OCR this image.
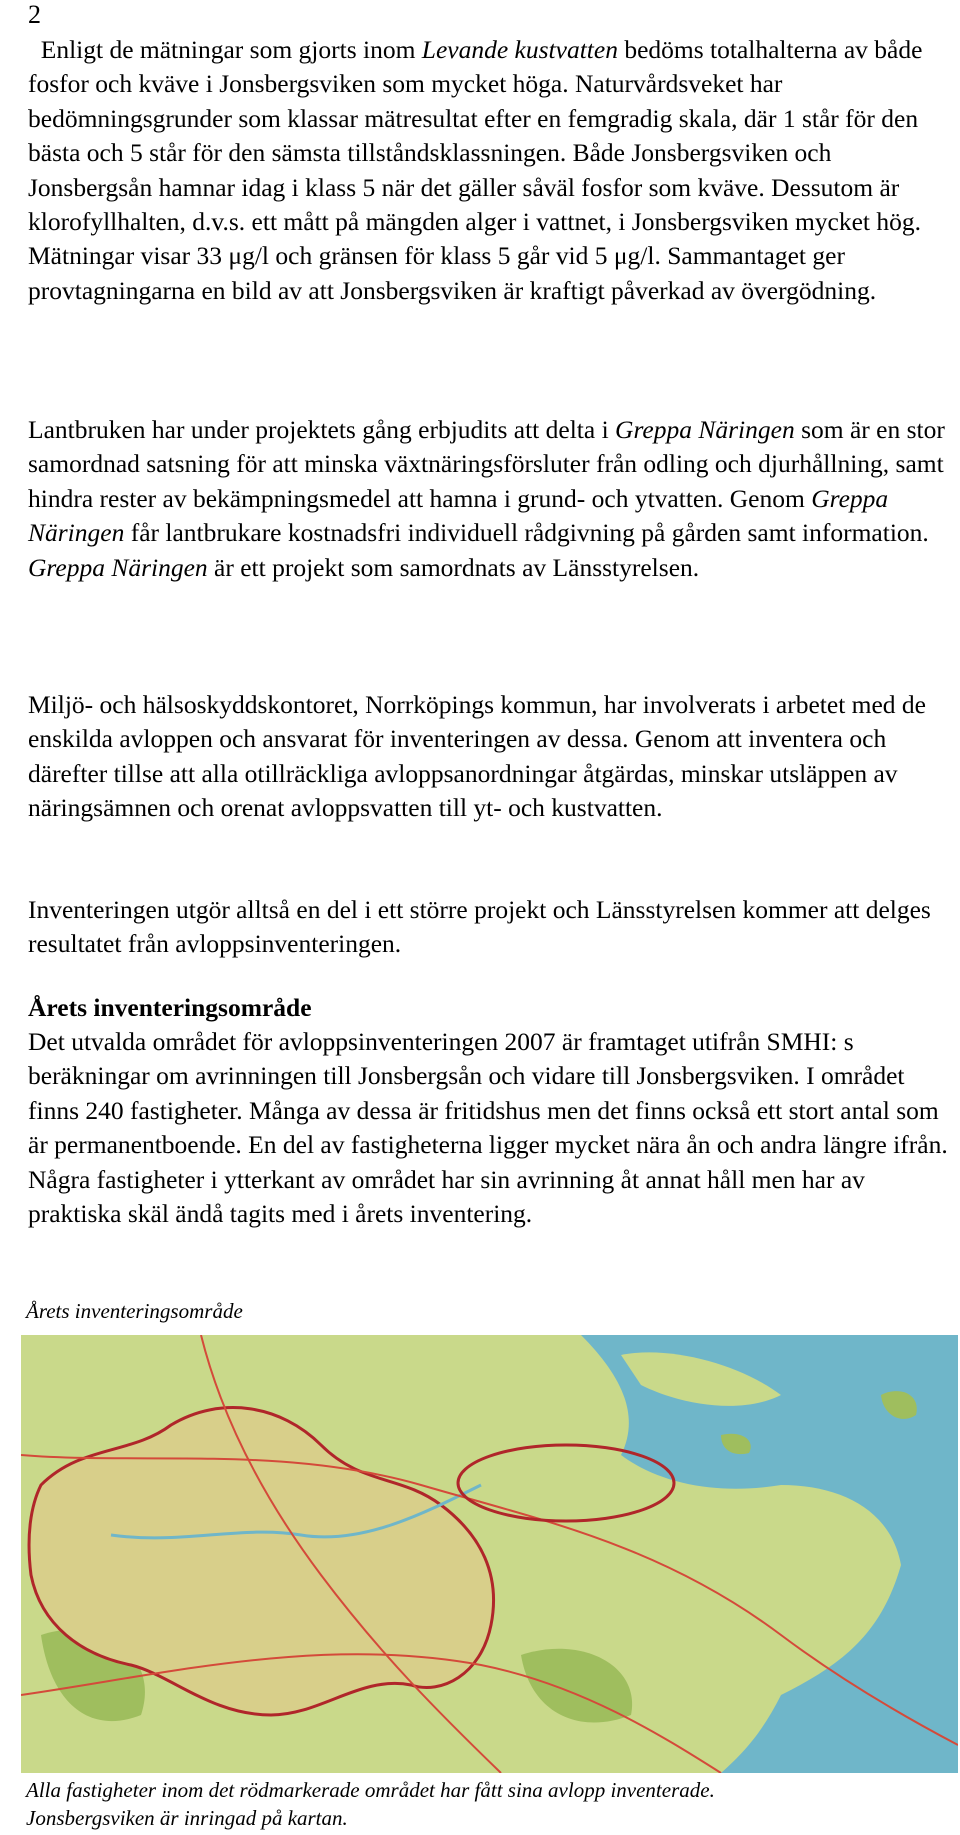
2

Enligt de mätningar som gjorts inom Levande kustvatten bedöms totalhalterna av både fosfor och kväve i Jonsbergsviken som mycket höga. Naturvårdsveket har bedömningsgrunder som klassar mätresultat efter en femgradig skala, där 1 står för den bästa och 5 står för den sämsta tillståndsklassningen. Både Jonsbergsviken och Jonsbergsån hamnar idag i klass 5 när det gäller såväl fosfor som kväve. Dessutom är klorofyllhalten, d.v.s. ett mått på mängden alger i vattnet, i Jonsbergsviken mycket hög. Mätningar visar 33 μg/l och gränsen för klass 5 går vid 5 μg/l. Sammantaget ger provtagningarna en bild av att Jonsbergsviken är kraftigt påverkad av övergödning.

Lantbruken har under projektets gång erbjudits att delta i Greppa Näringen som är en stor samordnad satsning för att minska växtnäringsförsluter från odling och djurhållning, samt hindra rester av bekämpningsmedel att hamna i grund- och ytvatten. Genom Greppa Näringen får lantbrukare kostnadsfri individuell rådgivning på gården samt information. Greppa Näringen är ett projekt som samordnats av Länsstyrelsen.

Miljö- och hälsoskyddskontoret, Norrköpings kommun, har involverats i arbetet med de enskilda avloppen och ansvarat för inventeringen av dessa. Genom att inventera och därefter tillse att alla otillräckliga avloppsanordningar åtgärdas, minskar utsläppen av näringsämnen och orenat avloppsvatten till yt- och kustvatten.

Inventeringen utgör alltså en del i ett större projekt och Länsstyrelsen kommer att delges resultatet från avloppsinventeringen.

Årets inventeringsområde

Det utvalda området för avloppsinventeringen 2007 är framtaget utifrån SMHI: s beräkningar om avrinningen till Jonsbergsån och vidare till Jonsbergsviken. I området finns 240 fastigheter. Många av dessa är fritidshus men det finns också ett stort antal som är permanentboende. En del av fastigheterna ligger mycket nära ån och andra längre ifrån. Några fastigheter i ytterkant av området har sin avrinning åt annat håll men har av praktiska skäl ändå tagits med i årets inventering.

Årets inventeringsområde
Alla fastigheter inom det rödmarkerade området har fått sina avlopp inventerade.
Jonsbergsviken är inringad på kartan.
